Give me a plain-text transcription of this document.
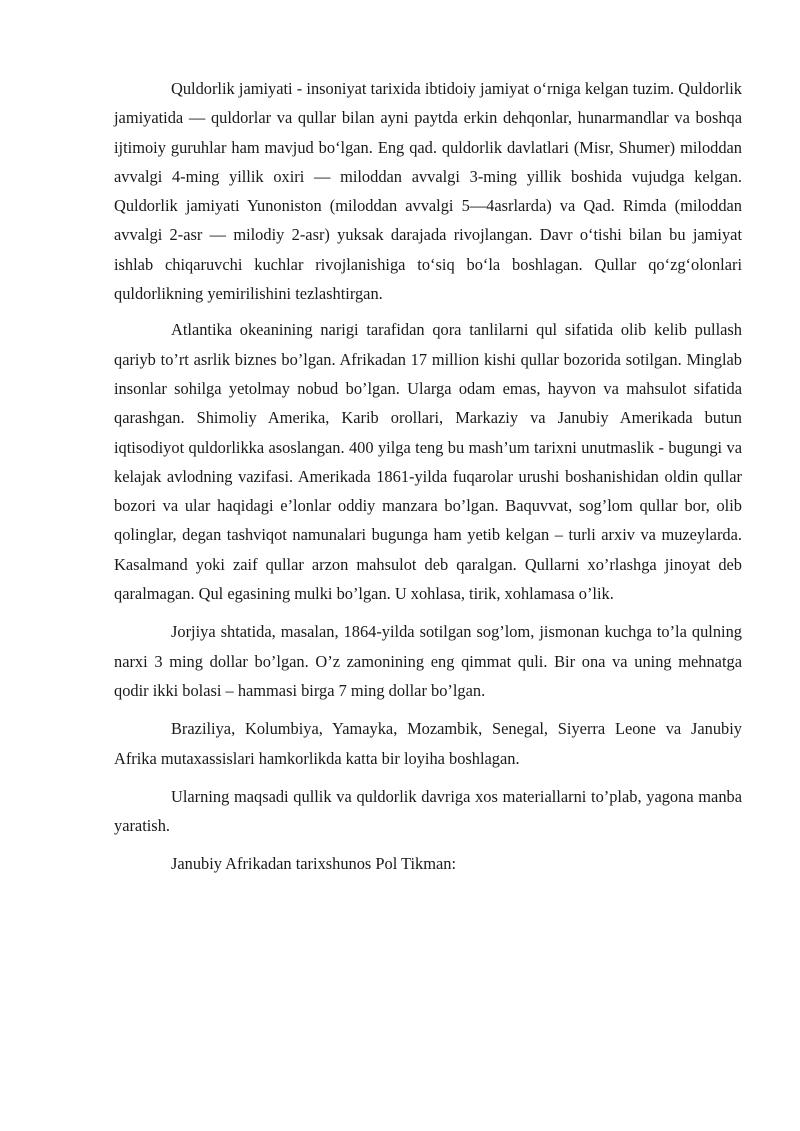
Quldorlik jamiyati - insoniyat tarixida ibtidoiy jamiyat oʻrniga kelgan tuzim. Quldorlik jamiyatida — quldorlar va qullar bilan ayni paytda erkin dehqonlar, hunarmandlar va boshqa ijtimoiy guruhlar ham mavjud boʻlgan. Eng qad. quldorlik davlatlari (Misr, Shumer) miloddan avvalgi 4-ming yillik oxiri — miloddan avvalgi 3-ming yillik boshida vujudga kelgan. Quldorlik jamiyati Yunoniston (miloddan avvalgi 5—4asrlarda) va Qad. Rimda (miloddan avvalgi 2-asr — milodiy 2-asr) yuksak darajada rivojlangan. Davr oʻtishi bilan bu jamiyat ishlab chiqaruvchi kuchlar rivojlanishiga toʻsiq boʻla boshlagan. Qullar qoʻzgʻolonlari quldorlikning yemirilishini tezlashtirgan.

Atlantika okeanining narigi tarafidan qora tanlilarni qul sifatida olib kelib pullash qariyb to’rt asrlik biznes bo’lgan. Afrikadan 17 million kishi qullar bozorida sotilgan. Minglab insonlar sohilga yetolmay nobud bo’lgan. Ularga odam emas, hayvon va mahsulot sifatida qarashgan. Shimoliy Amerika, Karib orollari, Markaziy va Janubiy Amerikada butun iqtisodiyot quldorlikka asoslangan. 400 yilga teng bu mash’um tarixni unutmaslik - bugungi va kelajak avlodning vazifasi. Amerikada 1861-yilda fuqarolar urushi boshanishidan oldin qullar bozori va ular haqidagi e’lonlar oddiy manzara bo’lgan. Baquvvat, sog’lom qullar bor, olib qolinglar, degan tashviqot namunalari bugunga ham yetib kelgan – turli arxiv va muzeylarda. Kasalmand yoki zaif qullar arzon mahsulot deb qaralgan. Qullarni xo’rlashga jinoyat deb qaralmagan. Qul egasining mulki bo’lgan. U xohlasa, tirik, xohlamasa o’lik.

Jorjiya shtatida, masalan, 1864-yilda sotilgan sog’lom, jismonan kuchga to’la qulning narxi 3 ming dollar bo’lgan. O’z zamonining eng qimmat quli. Bir ona va uning mehnatga qodir ikki bolasi – hammasi birga 7 ming dollar bo’lgan.

Braziliya, Kolumbiya, Yamayka, Mozambik, Senegal, Siyerra Leone va Janubiy Afrika mutaxassislari hamkorlikda katta bir loyiha boshlagan.

Ularning maqsadi qullik va quldorlik davriga xos materiallarni to’plab, yagona manba yaratish.

Janubiy Afrikadan tarixshunos Pol Tikman:
